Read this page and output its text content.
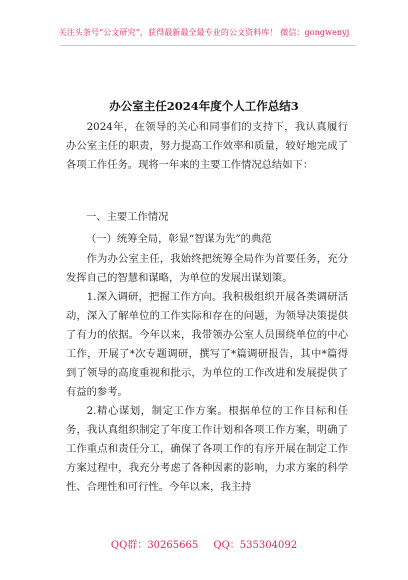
关注头条号“公文研究”，获得最新最全最专业的公文资料库！ 微信：gongwenyj
办公室主任2024年度个人工作总结3

2024年，在领导的关心和同事们的支持下，我认真履行办公室主任的职责，努力提高工作效率和质量，较好地完成了各项工作任务。现将一年来的主要工作情况总结如下：

一、主要工作情况
（一）统筹全局，彰显“智谋为先”的典范

作为办公室主任，我始终把统筹全局作为首要任务，充分发挥自己的智慧和谋略，为单位的发展出谋划策。

1.深入调研，把握工作方向。我积极组织开展各类调研活动，深入了解单位的工作实际和存在的问题，为领导决策提供了有力的依据。今年以来，我带领办公室人员围绕单位的中心工作，开展了*次专题调研，撰写了*篇调研报告，其中*篇得到了领导的高度重视和批示，为单位的工作改进和发展提供了有益的参考。

2.精心谋划，制定工作方案。根据单位的工作目标和任务，我认真组织制定了年度工作计划和各项工作方案，明确了工作重点和责任分工，确保了各项工作的有序开展在制定工作方案过程中，我充分考虑了各种因素的影响，力求方案的科学性、合理性和可行性。今年以来，我主持

QQ群：30265665 QQ：535304092
